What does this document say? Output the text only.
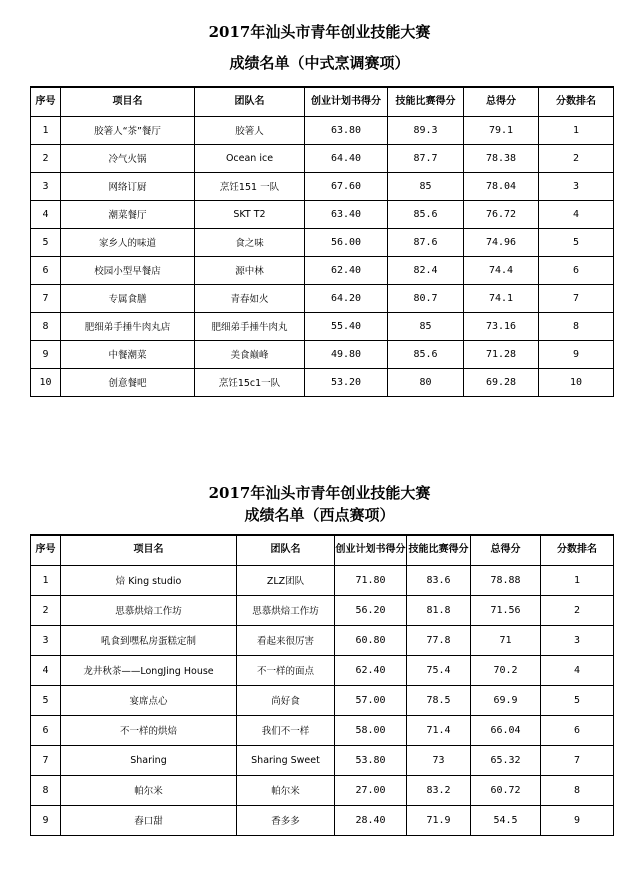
2017年汕头市青年创业技能大赛
成绩名单（中式烹调赛项）
序号	项目名	团队名	创业计划书得分	技能比赛得分	总得分	分数排名
1	胶箸人“茶”餐厅	胶箸人	63.80	89.3	79.1	1
2	冷气火锅	Ocean ice	64.40	87.7	78.38	2
3	网络订厨	烹饪151 一队	67.60	85	78.04	3
4	潮菜餐厅	SKT T2	63.40	85.6	76.72	4
5	家乡人的味道	食之味	56.00	87.6	74.96	5
6	校园小型早餐店	源中林	62.40	82.4	74.4	6
7	专属食膳	青春如火	64.20	80.7	74.1	7
8	肥细弟手捶牛肉丸店	肥细弟手捶牛肉丸	55.40	85	73.16	8
9	中餐潮菜	美食巅峰	49.80	85.6	71.28	9
10	创意餐吧	烹饪15c1一队	53.20	80	69.28	10
2017年汕头市青年创业技能大赛
成绩名单（西点赛项）
序号	项目名	团队名	创业计划书得分	技能比赛得分	总得分	分数排名
1	焙 King studio	ZLZ团队	71.80	83.6	78.88	1
2	思慕烘焙工作坊	思慕烘焙工作坊	56.20	81.8	71.56	2
3	吼食到嘿私房蛋糕定制	看起来很厉害	60.80	77.8	71	3
4	龙井秋茶——LongJing House	不一样的面点	62.40	75.4	70.2	4
5	宴席点心	尚好食	57.00	78.5	69.9	5
6	不一样的烘焙	我们不一样	58.00	71.4	66.04	6
7	Sharing	Sharing Sweet	53.80	73	65.32	7
8	帕尔米	帕尔米	27.00	83.2	60.72	8
9	舂口甜	香多多	28.40	71.9	54.5	9
